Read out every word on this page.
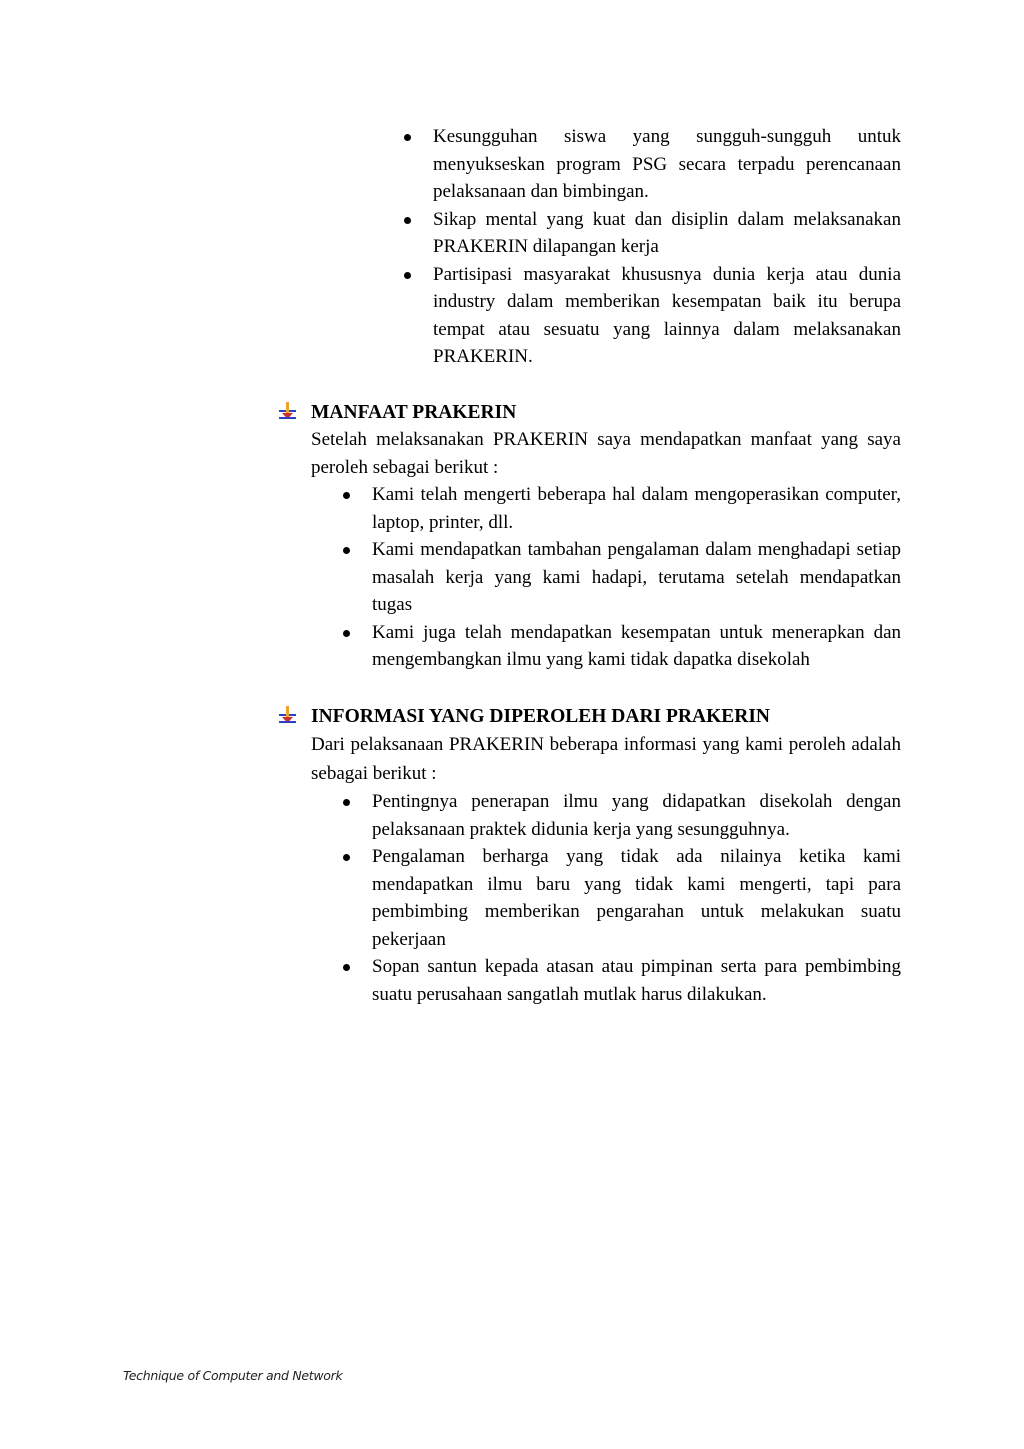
Kesungguhan siswa yang sungguh-sungguh untuk menyukseskan program PSG secara terpadu perencanaan pelaksanaan dan bimbingan.
Sikap mental yang kuat dan disiplin dalam melaksanakan PRAKERIN dilapangan kerja
Partisipasi masyarakat khususnya dunia kerja atau dunia industry dalam memberikan kesempatan baik itu berupa tempat atau sesuatu yang lainnya dalam melaksanakan PRAKERIN.
MANFAAT PRAKERIN
Setelah melaksanakan PRAKERIN saya mendapatkan manfaat yang saya peroleh sebagai berikut :
Kami telah mengerti beberapa hal dalam mengoperasikan computer, laptop, printer, dll.
Kami mendapatkan tambahan pengalaman dalam menghadapi setiap masalah kerja yang kami hadapi, terutama setelah mendapatkan tugas
Kami juga telah mendapatkan kesempatan untuk menerapkan dan mengembangkan ilmu yang kami tidak dapatka disekolah
INFORMASI YANG DIPEROLEH DARI PRAKERIN
Dari pelaksanaan PRAKERIN beberapa informasi yang kami peroleh adalah sebagai berikut :
Pentingnya penerapan ilmu yang didapatkan disekolah dengan pelaksanaan praktek didunia kerja yang sesungguhnya.
Pengalaman berharga yang tidak ada nilainya ketika kami mendapatkan ilmu baru yang tidak kami mengerti, tapi para pembimbing memberikan pengarahan untuk melakukan suatu pekerjaan
Sopan santun kepada atasan atau pimpinan serta para pembimbing suatu perusahaan sangatlah mutlak harus dilakukan.
Technique of Computer and Network
